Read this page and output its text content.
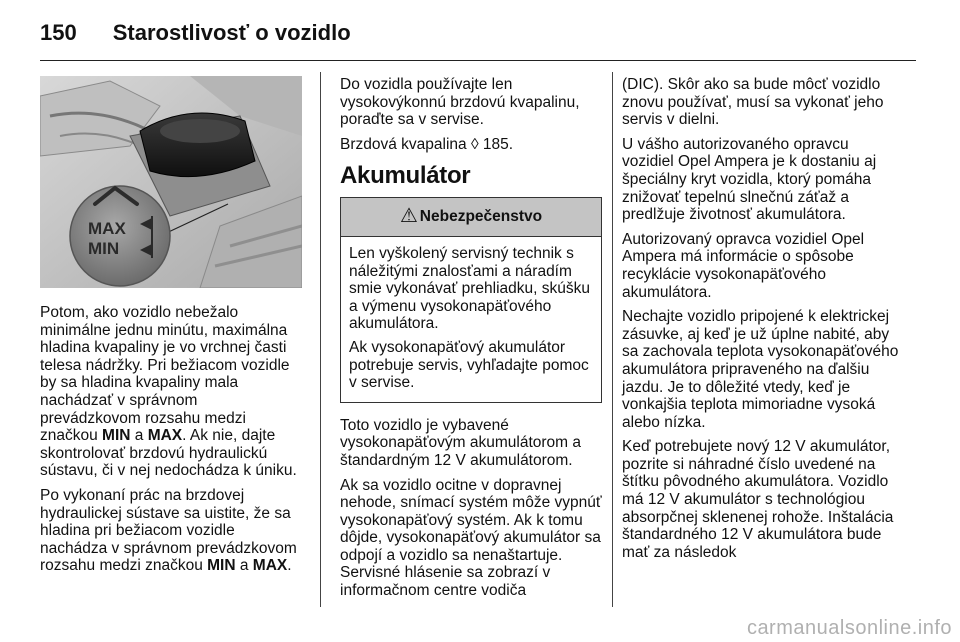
150 Starostlivosť o vozidlo
MAX
MIN

Potom, ako vozidlo nebežalo minimálne jednu minútu, maximálna hladina kvapaliny je vo vrchnej časti telesa nádržky. Pri bežiacom vozidle by sa hladina kvapaliny mala nachádzať v správnom prevádzkovom rozsahu medzi značkou MIN a MAX. Ak nie, dajte skontrolovať brzdovú hydraulickú sústavu, či v nej nedochádza k úniku.

Po vykonaní prác na brzdovej hydraulickej sústave sa uistite, že sa hladina pri bežiacom vozidle nachádza v správnom prevádzkovom rozsahu medzi značkou MIN a MAX.

Do vozidla používajte len vysokovýkonnú brzdovú kvapalinu, poraďte sa v servise.

Brzdová kvapalina ◊ 185.

Akumulátor
⚠ Nebezpečenstvo

Len vyškolený servisný technik s náležitými znalosťami a náradím smie vykonávať prehliadku, skúšku a výmenu vysokonapäťového akumulátora.

Ak vysokonapäťový akumulátor potrebuje servis, vyhľadajte pomoc v servise.

Toto vozidlo je vybavené vysokonapäťovým akumulátorom a štandardným 12 V akumulátorom.

Ak sa vozidlo ocitne v dopravnej nehode, snímací systém môže vypnúť vysokonapäťový systém. Ak k tomu dôjde, vysokonapäťový akumulátor sa odpojí a vozidlo sa nenaštartuje. Servisné hlásenie sa zobrazí v informačnom centre vodiča

(DIC). Skôr ako sa bude môcť vozidlo znovu používať, musí sa vykonať jeho servis v dielni.

U vášho autorizovaného opravcu vozidiel Opel Ampera je k dostaniu aj špeciálny kryt vozidla, ktorý pomáha znižovať tepelnú slnečnú záťaž a predlžuje životnosť akumulátora.

Autorizovaný opravca vozidiel Opel Ampera má informácie o spôsobe recyklácie vysokonapäťového akumulátora.

Nechajte vozidlo pripojené k elektrickej zásuvke, aj keď je už úplne nabité, aby sa zachovala teplota vysokonapäťového akumulátora pripraveného na ďalšiu jazdu. Je to dôležité vtedy, keď je vonkajšia teplota mimoriadne vysoká alebo nízka.

Keď potrebujete nový 12 V akumulátor, pozrite si náhradné číslo uvedené na štítku pôvodného akumulátora. Vozidlo má 12 V akumulátor s technológiou absorpčnej sklenenej rohože. Inštalácia štandardného 12 V akumulátora bude mať za následok

carmanualsonline.info
